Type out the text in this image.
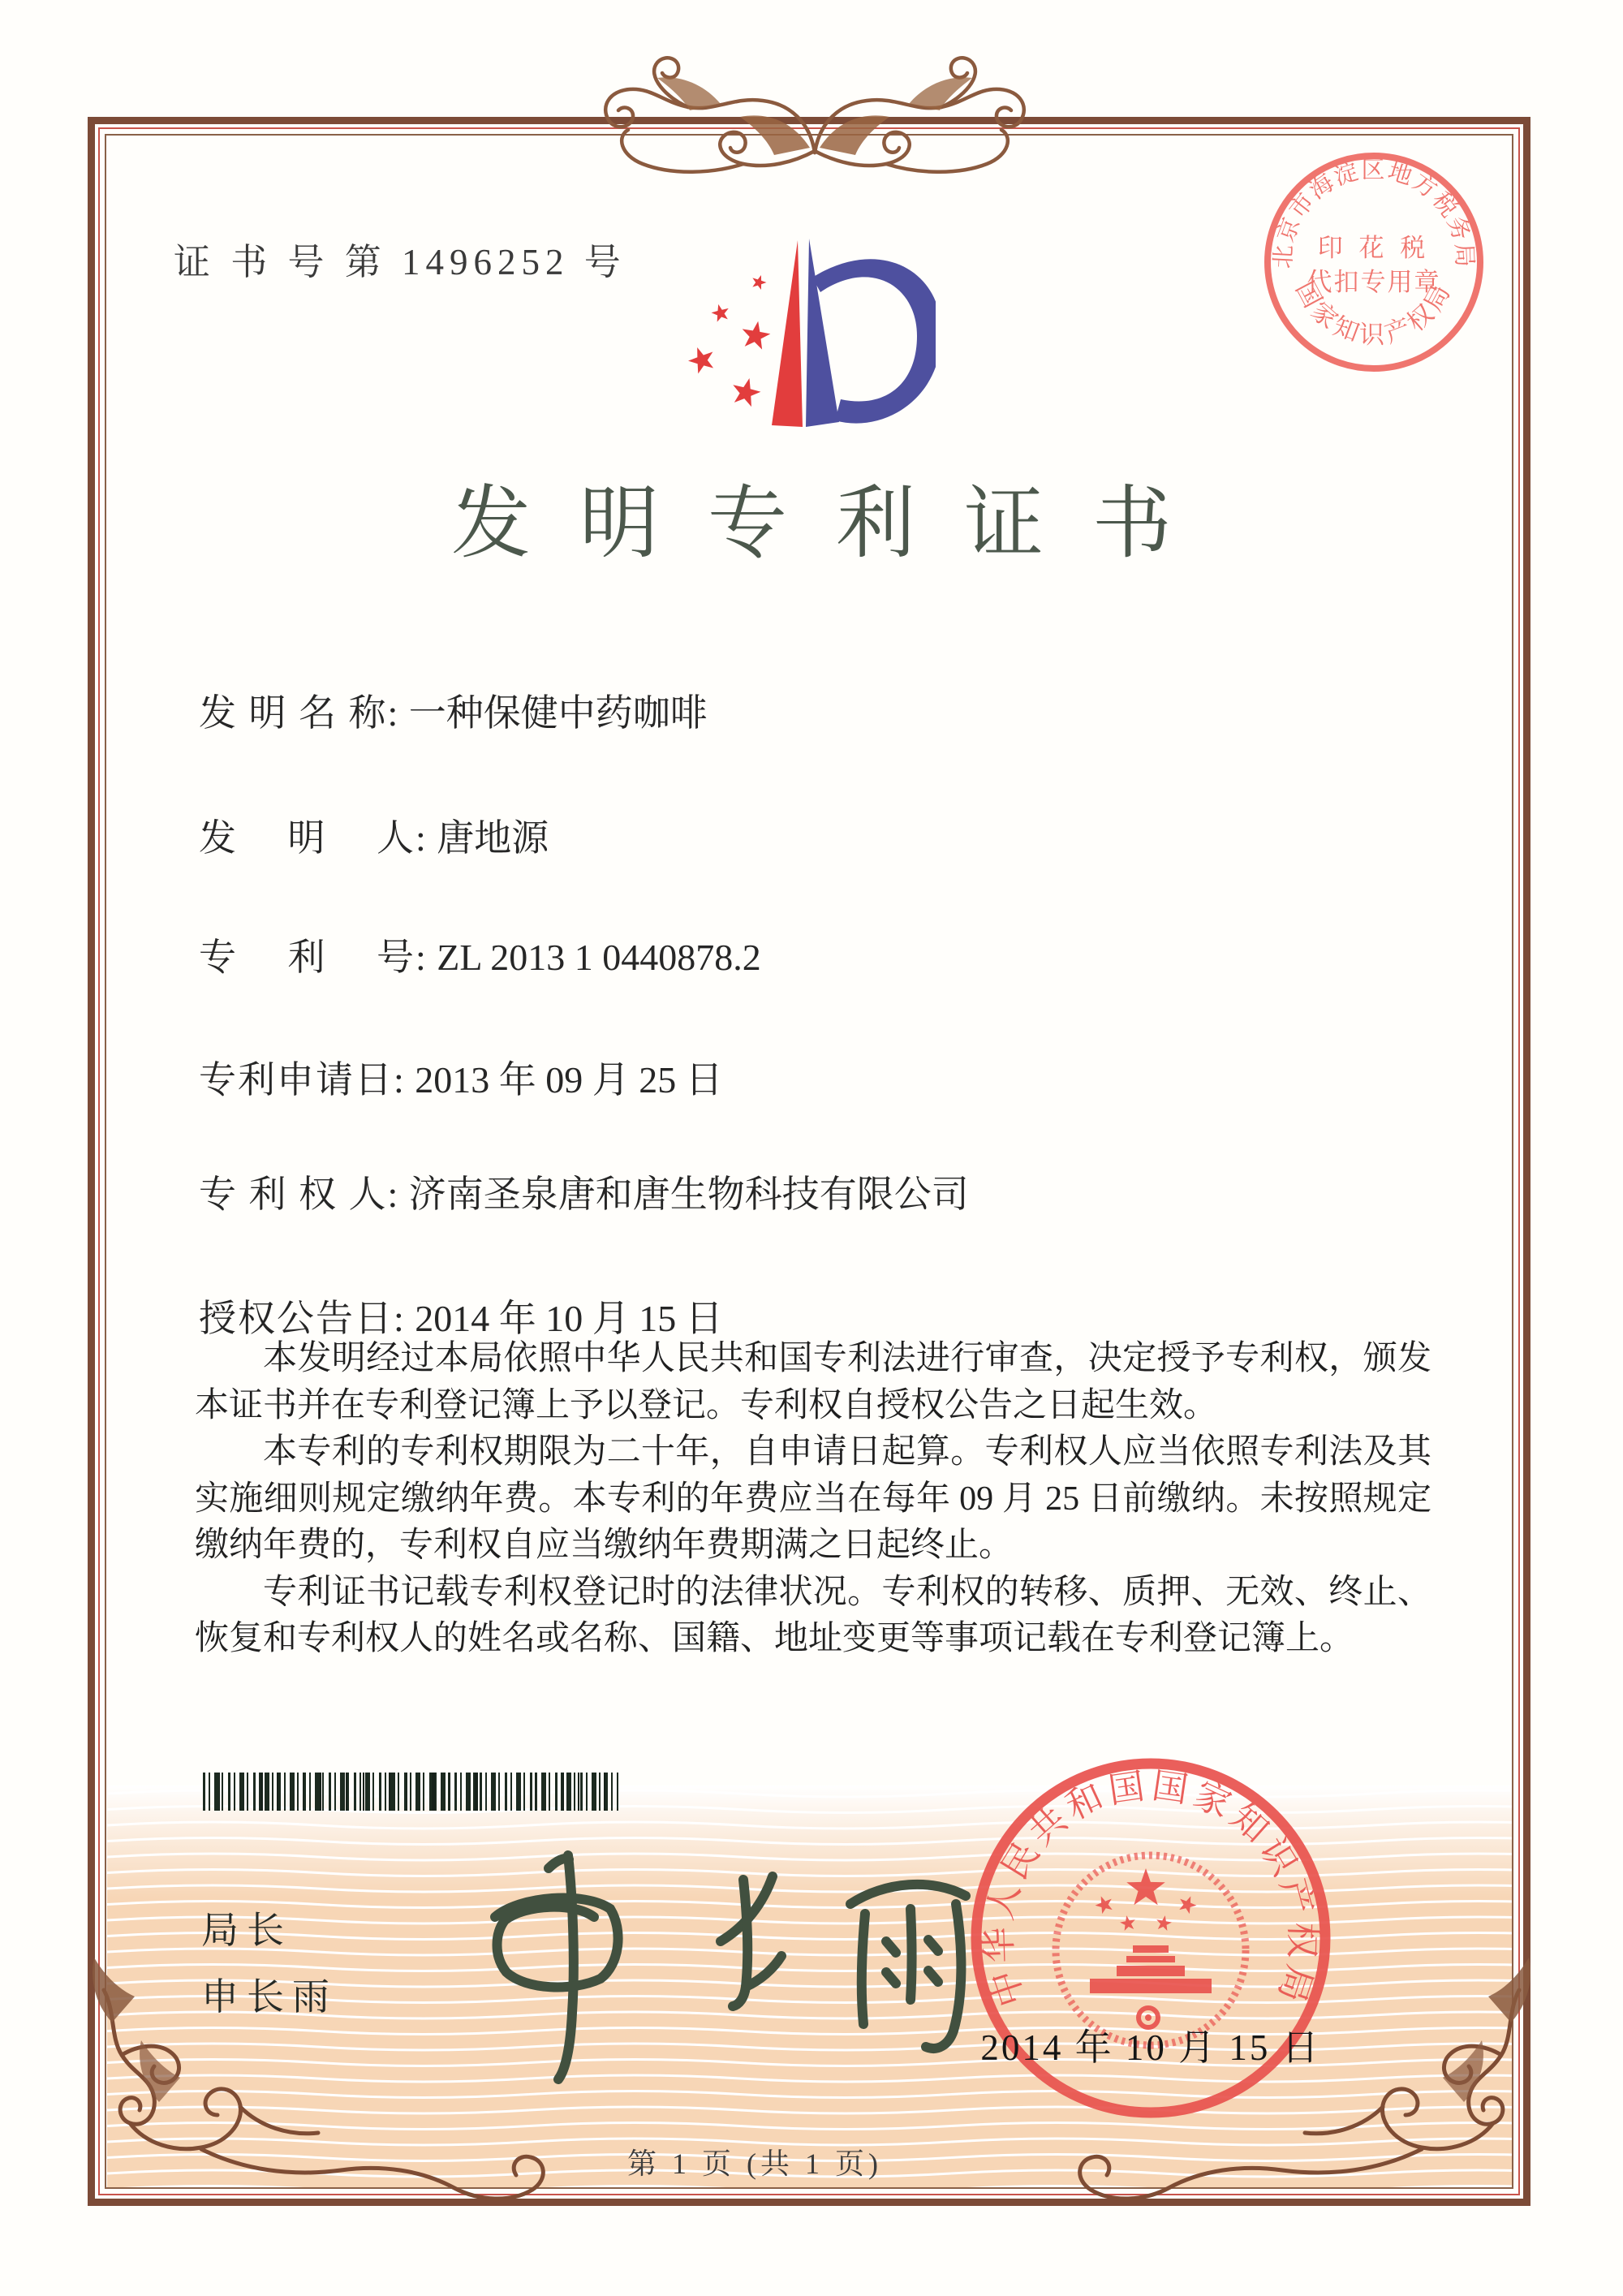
证 书 号 第 1496252 号	北京市海淀区地方税务局
国家知识产权局
印 花 税
代扣专用章
发明专利证书
发 明 名 称: 一种保健中药咖啡
发　 明　 人: 唐地源
专　 利　 号: ZL 2013 1 0440878.2
专利申请日: 2013 年 09 月 25 日
专 利 权 人: 济南圣泉唐和唐生物科技有限公司
授权公告日: 2014 年 10 月 15 日

本发明经过本局依照中华人民共和国专利法进行审查，决定授予专利权，颁发本证书并在专利登记簿上予以登记。专利权自授权公告之日起生效。

本专利的专利权期限为二十年，自申请日起算。专利权人应当依照专利法及其实施细则规定缴纳年费。本专利的年费应当在每年 09 月 25 日前缴纳。未按照规定缴纳年费的，专利权自应当缴纳年费期满之日起终止。

专利证书记载专利权登记时的法律状况。专利权的转移、质押、无效、终止、恢复和专利权人的姓名或名称、国籍、地址变更等事项记载在专利登记簿上。

局长
申长雨	中华人民共和国国家知识产权局
2014 年 10 月 15 日
第 1 页 (共 1 页)
